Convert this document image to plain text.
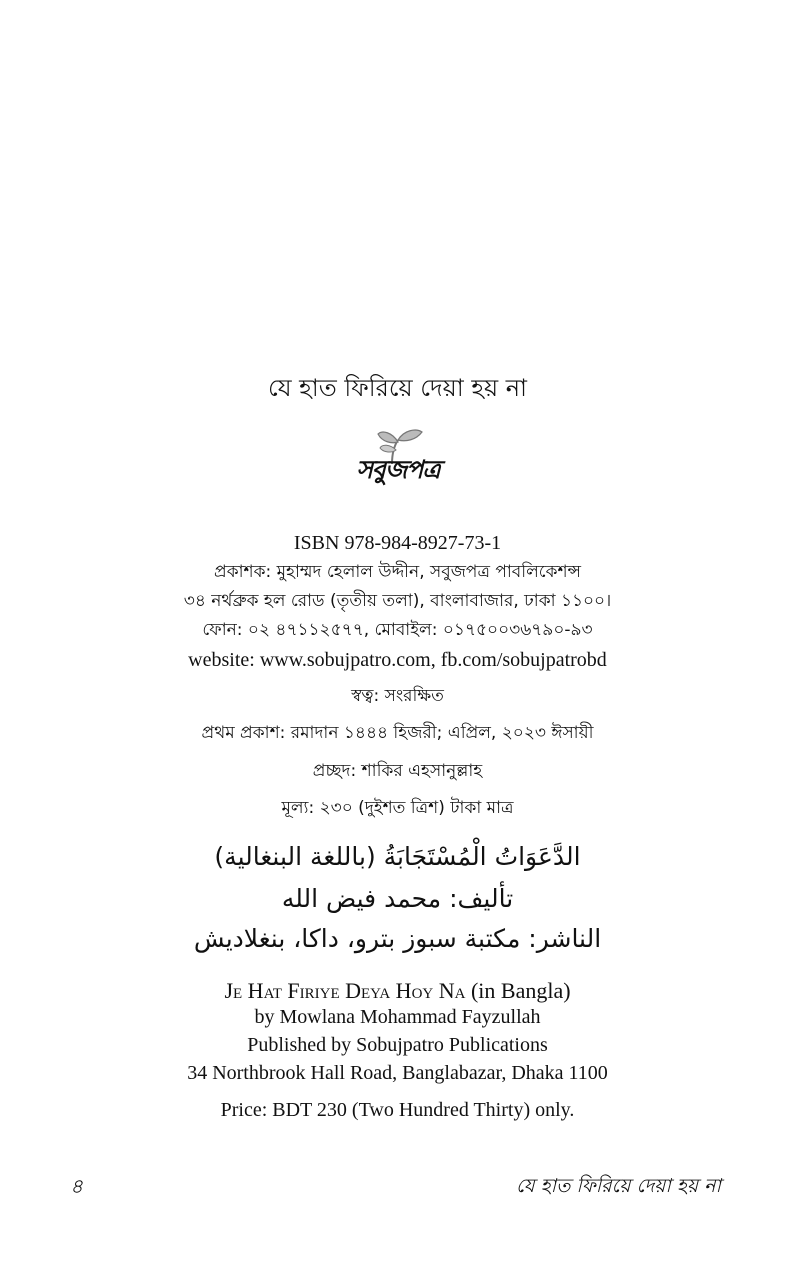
যে হাত ফিরিয়ে দেয়া হয় না
সবুজপত্র
ISBN 978-984-8927-73-1
প্রকাশক: মুহাম্মদ হেলাল উদ্দীন, সবুজপত্র পাবলিকেশন্স
৩৪ নর্থব্রুক হল রোড (তৃতীয় তলা), বাংলাবাজার, ঢাকা ১১০০।
ফোন: ০২ ৪৭১১২৫৭৭, মোবাইল: ০১৭৫০০৩৬৭৯০-৯৩
website: www.sobujpatro.com, fb.com/sobujpatrobd
স্বত্ব: সংরক্ষিত
প্রথম প্রকাশ: রমাদান ১৪৪৪ হিজরী; এপ্রিল, ২০২৩ ঈসায়ী
প্রচ্ছদ: শাকির এহসানুল্লাহ
মূল্য: ২৩০ (দুইশত ত্রিশ) টাকা মাত্র
الدَّعَوَاتُ الْمُسْتَجَابَةُ (باللغة البنغالية)
تأليف: محمد فيض الله
الناشر: مكتبة سبوز بترو، داكا، بنغلاديش
Je Hat Firiye Deya Hoy Na (in Bangla)
by Mowlana Mohammad Fayzullah
Published by Sobujpatro Publications
34 Northbrook Hall Road, Banglabazar, Dhaka 1100
Price: BDT 230 (Two Hundred Thirty) only.
৪	যে হাত ফিরিয়ে দেয়া হয় না
